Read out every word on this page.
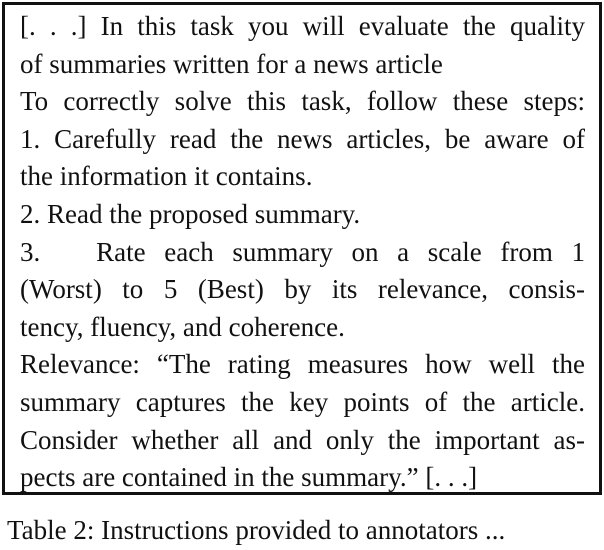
[. . .] In this task you will evaluate the quality
of summaries written for a news article
To correctly solve this task, follow these steps:
1. Carefully read the news articles, be aware of
the information it contains.
2. Read the proposed summary.
3.   Rate each summary on a scale from 1
(Worst) to 5 (Best) by its relevance, consis-
tency, fluency, and coherence.
Relevance: “The rating measures how well the
summary captures the key points of the article.
Consider whether all and only the important as-
pects are contained in the summary.” [. . .]
Table 2: Instructions provided to annotators ...
